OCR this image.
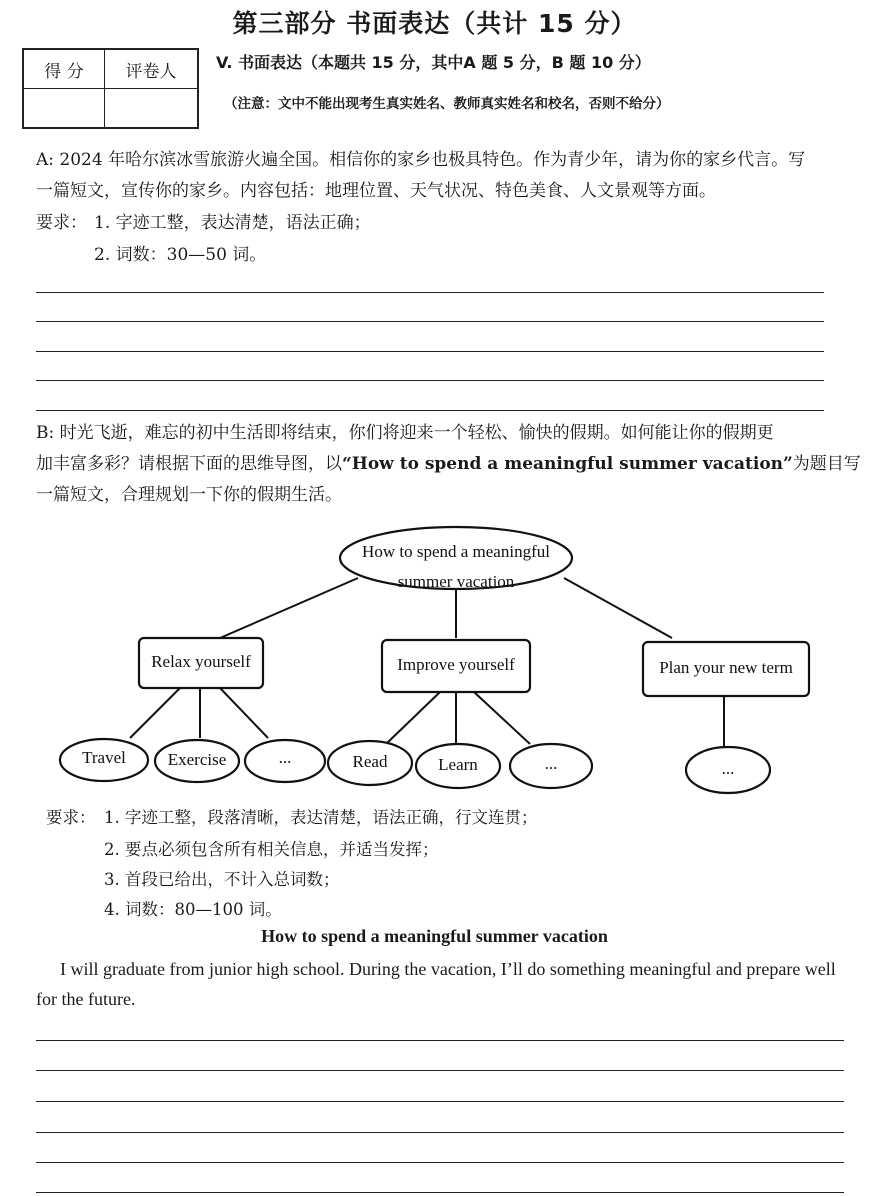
第三部分 书面表达（共计 15 分）
得 分	评卷人
	V. 书面表达（本题共 15 分，其中A 题 5 分，B 题 10 分）
（注意：文中不能出现考生真实姓名、教师真实姓名和校名，否则不给分）
A: 2024 年哈尔滨冰雪旅游火遍全国。相信你的家乡也极具特色。作为青少年，请为你的家乡代言。写
一篇短文，宣传你的家乡。内容包括：地理位置、天气状况、特色美食、人文景观等方面。
要求： 1. 字迹工整，表达清楚，语法正确；
2. 词数：30—50 词。
B: 时光飞逝，难忘的初中生活即将结束，你们将迎来一个轻松、愉快的假期。如何能让你的假期更
加丰富多彩？请根据下面的思维导图，以“How to spend a meaningful summer vacation”为题目写
一篇短文，合理规划一下你的假期生活。
How to spend a meaningful
summer vacation
Relax yourself	Improve yourself	Plan your new term
Travel	Exercise	...	Read	Learn	...	...
要求： 1. 字迹工整，段落清晰，表达清楚，语法正确，行文连贯；
2. 要点必须包含所有相关信息，并适当发挥；
3. 首段已给出，不计入总词数；
4. 词数：80—100 词。
How to spend a meaningful summer vacation
I will graduate from junior high school. During the vacation, I’ll do something meaningful and prepare well for the future.
